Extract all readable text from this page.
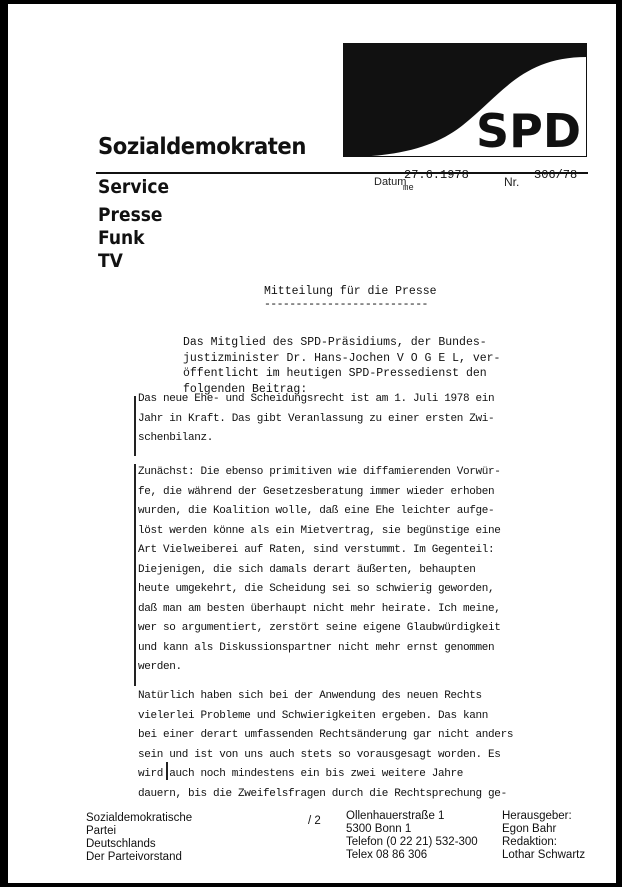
SPD
Sozialdemokraten
Service
Presse
Funk
TV
Datum
27.6.1978
me	Nr. 306/78
Mitteilung für die Presse
--------------------------
Das Mitglied des SPD-Präsidiums, der Bundes-
justizminister Dr. Hans-Jochen V O G E L, ver-
öffentlicht im heutigen SPD-Pressedienst den
folgenden Beitrag:
Das neue Ehe- und Scheidungsrecht ist am 1. Juli 1978 ein
Jahr in Kraft. Das gibt Veranlassung zu einer ersten Zwi-
schenbilanz.
Zunächst: Die ebenso primitiven wie diffamierenden Vorwür-
fe, die während der Gesetzesberatung immer wieder erhoben
wurden, die Koalition wolle, daß eine Ehe leichter aufge-
löst werden könne als ein Mietvertrag, sie begünstige eine
Art Vielweiberei auf Raten, sind verstummt. Im Gegenteil:
Diejenigen, die sich damals derart äußerten, behaupten
heute umgekehrt, die Scheidung sei so schwierig geworden,
daß man am besten überhaupt nicht mehr heirate. Ich meine,
wer so argumentiert, zerstört seine eigene Glaubwürdigkeit
und kann als Diskussionspartner nicht mehr ernst genommen
werden.
Natürlich haben sich bei der Anwendung des neuen Rechts
vielerlei Probleme und Schwierigkeiten ergeben. Das kann
bei einer derart umfassenden Rechtsänderung gar nicht anders
sein und ist von uns auch stets so vorausgesagt worden. Es
wird auch noch mindestens ein bis zwei weitere Jahre
dauern, bis die Zweifelsfragen durch die Rechtsprechung ge-
Sozialdemokratische
Partei
Deutschlands
Der Parteivorstand
/ 2 Ollenhauerstraße 1
5300 Bonn 1
Telefon (0 22 21) 532-300
Telex 08 86 306
Herausgeber:
Egon Bahr
Redaktion:
Lothar Schwartz
